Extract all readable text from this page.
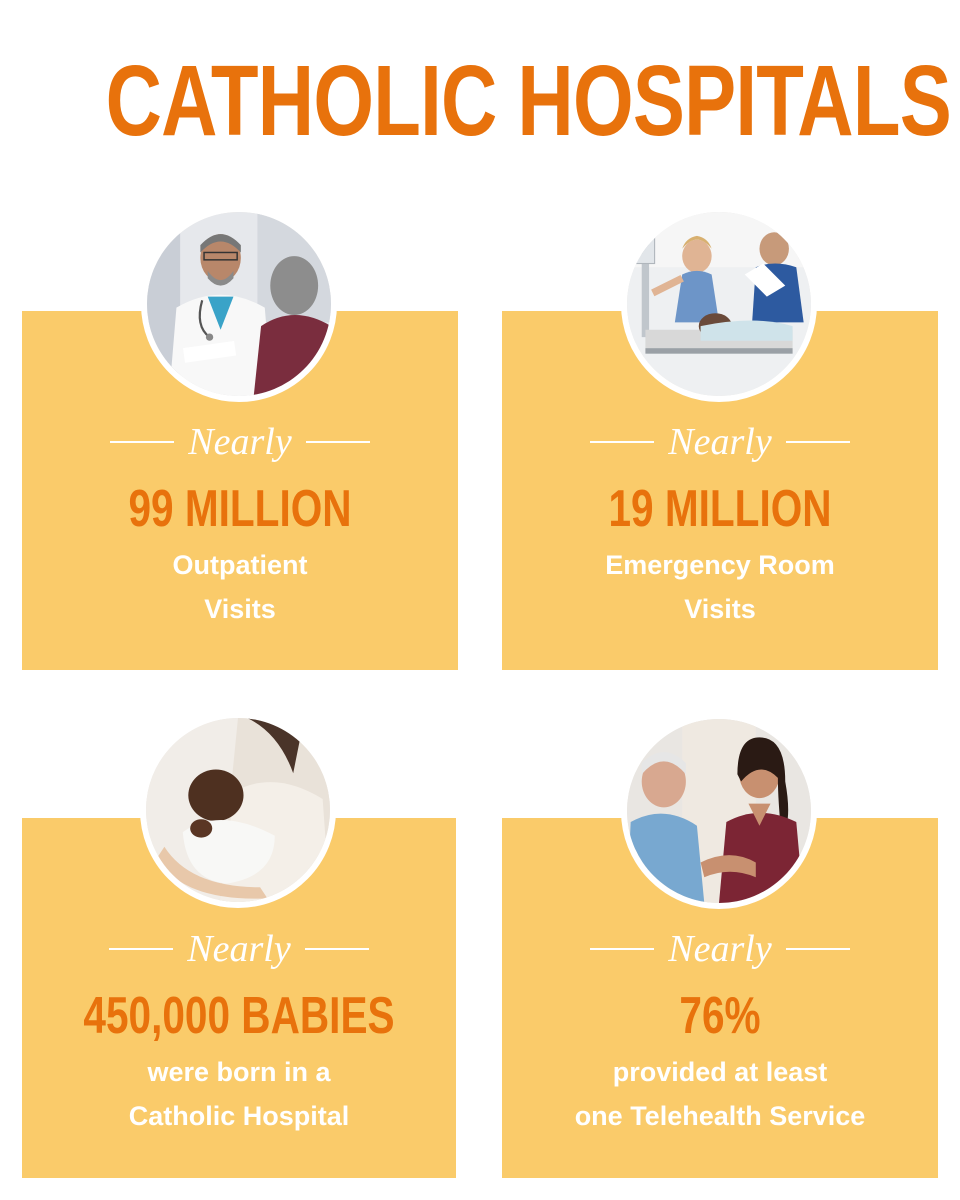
CATHOLIC HOSPITALS
Nearly
99 MILLION
Outpatient
Visits
Nearly
19 MILLION
Emergency Room
Visits
Nearly
450,000 BABIES
were born in a
Catholic Hospital
Nearly
76%
provided at least
one Telehealth Service
